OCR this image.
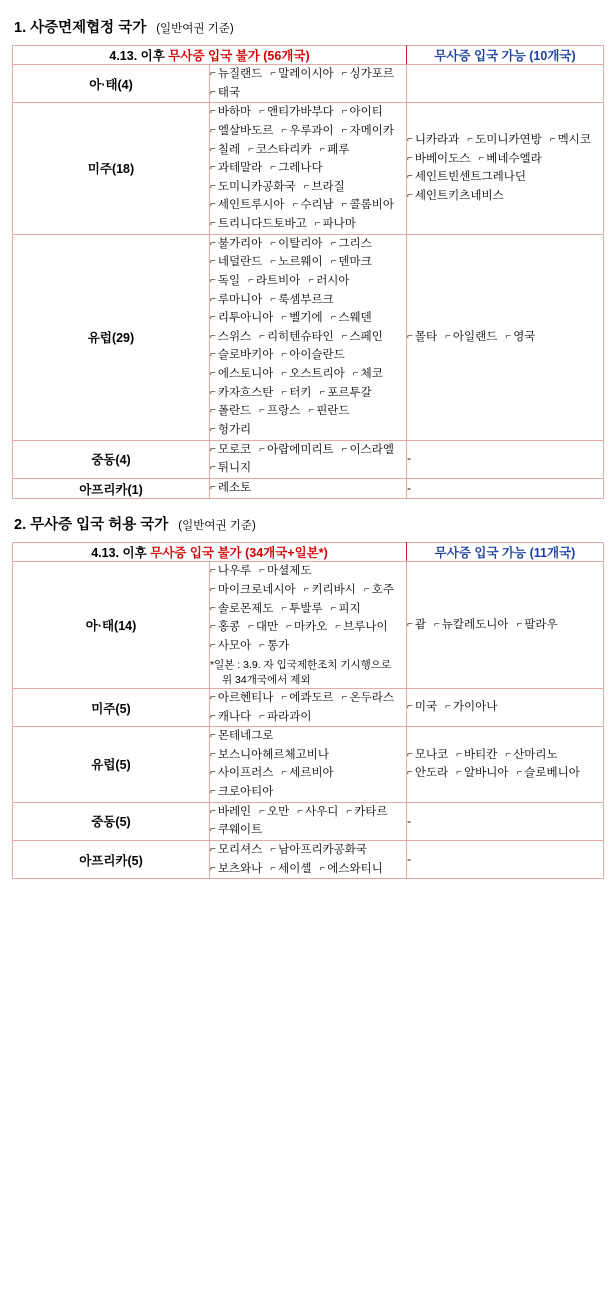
1. 사증면제협정 국가 (일반여권 기준)
4.13. 이후 무사증 입국 불가 (56개국)		무사증 입국 가능 (10개국)
아·태(4)	⌐ 뉴질랜드 ⌐ 말레이시아 ⌐ 싱가포르⌐ 태국	
미주(18)	⌐ 바하마 ⌐ 앤티가바부다 ⌐ 아이티⌐ 엘살바도르 ⌐ 우루과이 ⌐ 자메이카⌐ 칠레 ⌐ 코스타리카 ⌐ 페루⌐ 과테말라 ⌐ 그레나다⌐ 도미니카공화국 ⌐ 브라질⌐ 세인트루시아 ⌐ 수리남 ⌐ 콜롬비아⌐ 트리니다드토바고 ⌐ 파나마	⌐ 니카라과 ⌐ 도미니카연방 ⌐ 멕시코⌐ 바베이도스 ⌐ 베네수엘라⌐ 세인트빈센트그레나딘⌐ 세인트키츠네비스
유럽(29)	⌐ 불가리아 ⌐ 이탈리아 ⌐ 그리스⌐ 네덜란드 ⌐ 노르웨이 ⌐ 덴마크⌐ 독일 ⌐ 라트비아 ⌐ 러시아⌐ 루마니아 ⌐ 룩셈부르크⌐ 리투아니아 ⌐ 벨기에 ⌐ 스웨덴⌐ 스위스 ⌐ 리히텐슈타인 ⌐ 스페인⌐ 슬로바키아 ⌐ 아이슬란드⌐ 에스토니아 ⌐ 오스트리아 ⌐ 체코⌐ 카자흐스탄 ⌐ 터키 ⌐ 포르투갈⌐ 폴란드 ⌐ 프랑스 ⌐ 핀란드⌐ 헝가리	⌐ 몰타 ⌐ 아일랜드 ⌐ 영국
중동(4)	⌐ 모로코 ⌐ 아랍에미리트 ⌐ 이스라엘⌐ 튀니지	-
아프리카(1)	⌐ 레소토	-
2. 무사증 입국 허용 국가 (일반여권 기준)
4.13. 이후 무사증 입국 불가 (34개국+일본*)		무사증 입국 가능 (11개국)
아·태(14)	⌐ 나우루 ⌐ 마셜제도⌐ 마이크로네시아 ⌐ 키리바시 ⌐ 호주⌐ 솔로몬제도 ⌐ 투발루 ⌐ 피지⌐ 홍콩 ⌐ 대만 ⌐ 마카오 ⌐ 브루나이⌐ 사모아 ⌐ 통가
*일본 : 3.9. 자 입국제한조치 기시행으로
위 34개국에서 제외	⌐ 괌 ⌐ 뉴칼레도니아 ⌐ 팔라우
미주(5)	⌐ 아르헨티나 ⌐ 에콰도르 ⌐ 온두라스⌐ 캐나다 ⌐ 파라과이	⌐ 미국 ⌐ 가이아나
유럽(5)	⌐ 몬테네그로⌐ 보스니아헤르체고비나⌐ 사이프러스 ⌐ 세르비아⌐ 크로아티아	⌐ 모나코 ⌐ 바티칸 ⌐ 산마리노⌐ 안도라 ⌐ 알바니아 ⌐ 슬로베니아
중동(5)	⌐ 바레인 ⌐ 오만 ⌐ 사우디 ⌐ 카타르⌐ 쿠웨이트	-
아프리카(5)	⌐ 모리셔스 ⌐ 남아프리카공화국⌐ 보츠와나 ⌐ 세이셸 ⌐ 에스와티니	-
